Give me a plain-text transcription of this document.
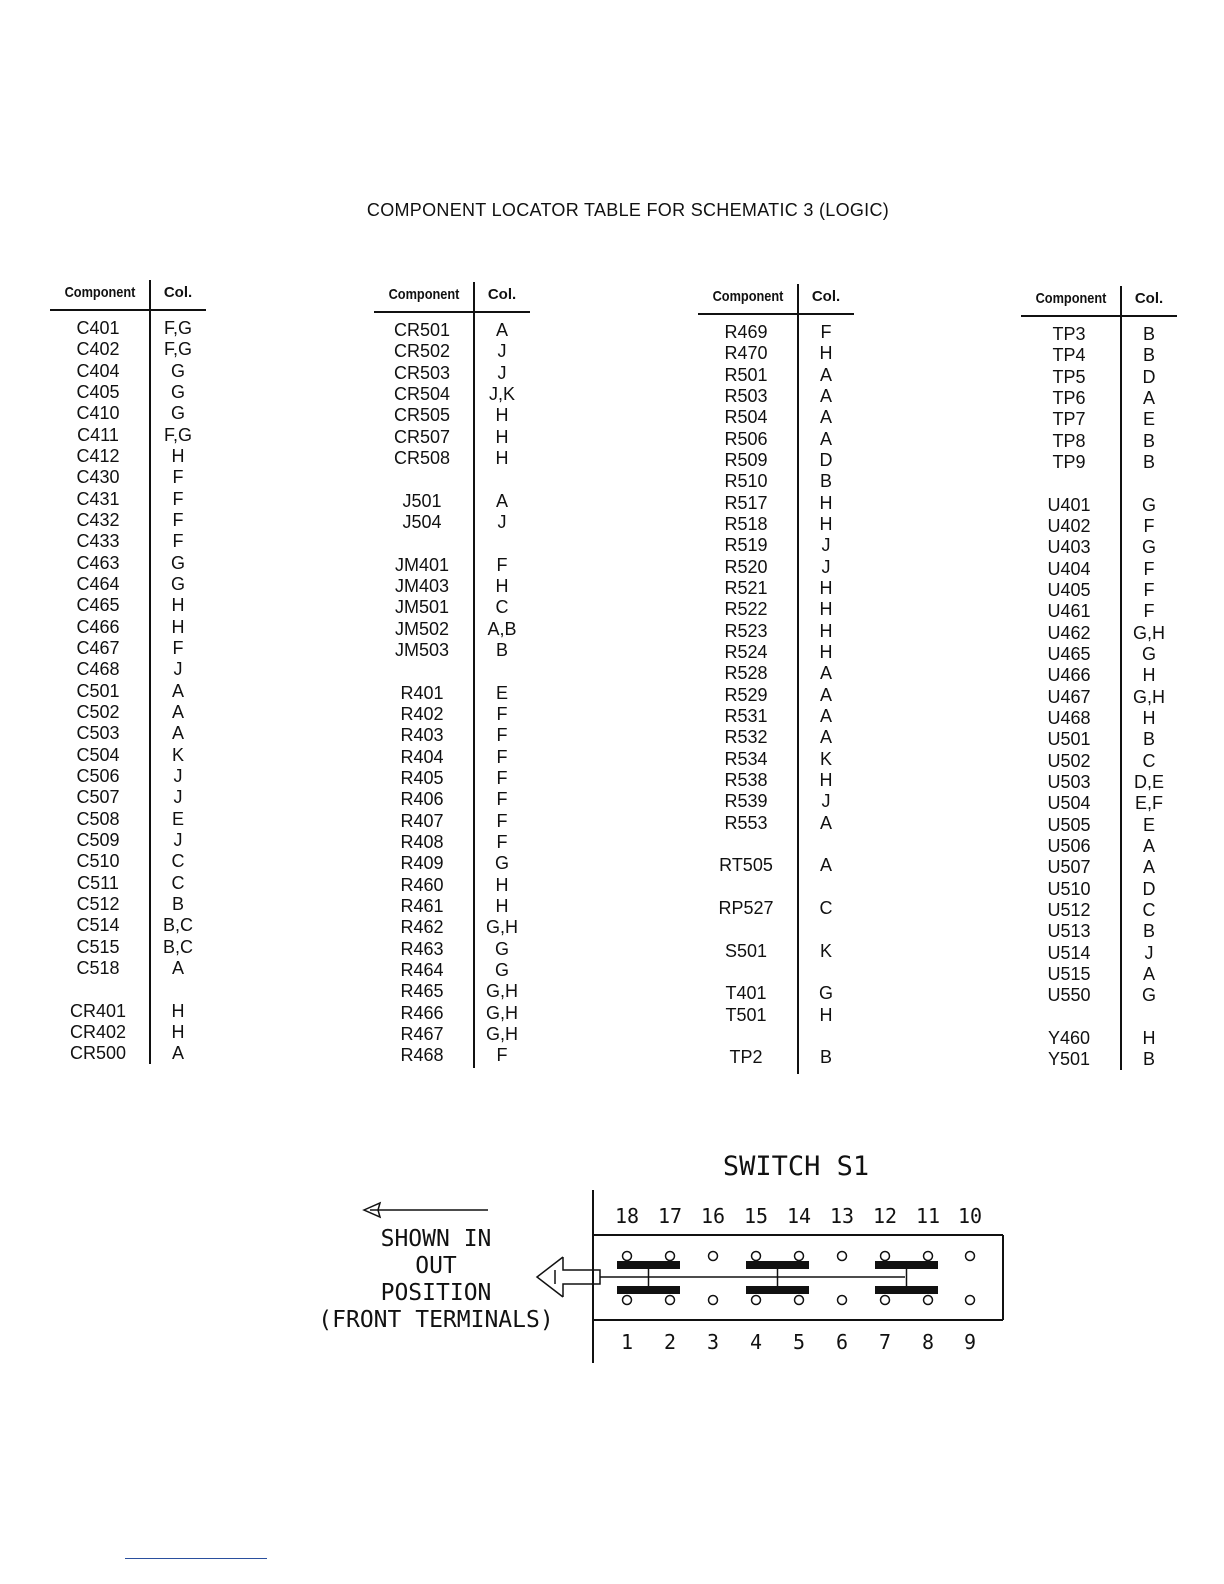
COMPONENT LOCATOR TABLE FOR SCHEMATIC 3 (LOGIC)
Component	Col.
C401	F,G
C402	F,G
C404	G
C405	G
C410	G
C411	F,G
C412	H
C430	F
C431	F
C432	F
C433	F
C463	G
C464	G
C465	H
C466	H
C467	F
C468	J
C501	A
C502	A
C503	A
C504	K
C506	J
C507	J
C508	E
C509	J
C510	C
C511	C
C512	B
C514	B,C
C515	B,C
C518	A
CR401	H
CR402	H
CR500	A
Component	Col.
CR501	A
CR502	J
CR503	J
CR504	J,K
CR505	H
CR507	H
CR508	H
J501	A
J504	J
JM401	F
JM403	H
JM501	C
JM502	A,B
JM503	B
R401	E
R402	F
R403	F
R404	F
R405	F
R406	F
R407	F
R408	F
R409	G
R460	H
R461	H
R462	G,H
R463	G
R464	G
R465	G,H
R466	G,H
R467	G,H
R468	F
Component	Col.
R469	F
R470	H
R501	A
R503	A
R504	A
R506	A
R509	D
R510	B
R517	H
R518	H
R519	J
R520	J
R521	H
R522	H
R523	H
R524	H
R528	A
R529	A
R531	A
R532	A
R534	K
R538	H
R539	J
R553	A
RT505	A
RP527	C
S501	K
T401	G
T501	H
TP2	B
Component	Col.
TP3	B
TP4	B
TP5	D
TP6	A
TP7	E
TP8	B
TP9	B
U401	G
U402	F
U403	G
U404	F
U405	F
U461	F
U462	G,H
U465	G
U466	H
U467	G,H
U468	H
U501	B
U502	C
U503	D,E
U504	E,F
U505	E
U506	A
U507	A
U510	D
U512	C
U513	B
U514	J
U515	A
U550	G
Y460	H
Y501	B
SWITCH S1
SHOWN IN
OUT
POSITION
(FRONT TERMINALS)
18 17 16 15 14 13 12 11 10
1 2 3 4 5 6 7 8 9
